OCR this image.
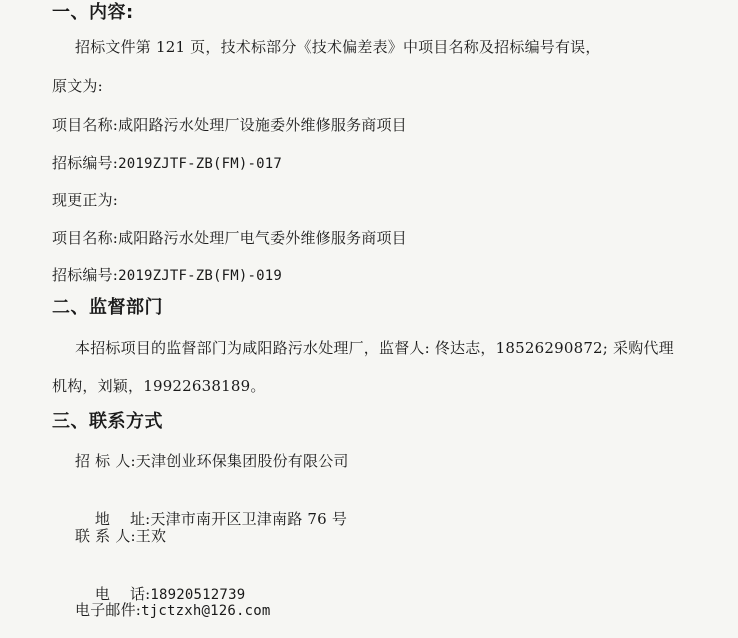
一、内容:
招标文件第 121 页，技术标部分《技术偏差表》中项目名称及招标编号有误，
原文为:
项目名称:咸阳路污水处理厂设施委外维修服务商项目
招标编号:2019ZJTF-ZB(FM)-017
现更正为:
项目名称:咸阳路污水处理厂电气委外维修服务商项目
招标编号:2019ZJTF-ZB(FM)-019
二、监督部门
本招标项目的监督部门为咸阳路污水处理厂，监督人: 佟达志，18526290872; 采购代理
机构，刘颖，19922638189。
三、联系方式
招 标 人:天津创业环保集团股份有限公司

地    址:天津市南开区卫津南路 76 号

联 系 人:王欢

电    话:18920512739

电子邮件:tjctzxh@126.com
